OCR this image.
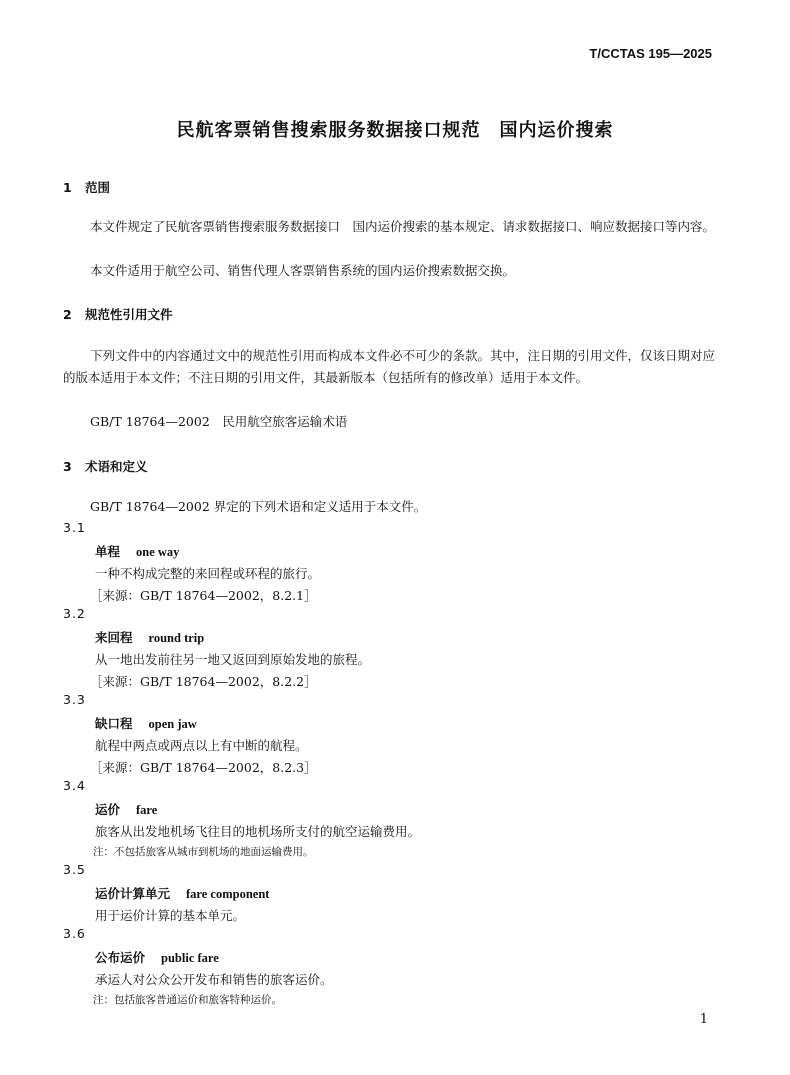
T/CCTAS 195—2025
民航客票销售搜索服务数据接口规范　国内运价搜索
1 范围
本文件规定了民航客票销售搜索服务数据接口　国内运价搜索的基本规定、请求数据接口、响应数据接口等内容。
本文件适用于航空公司、销售代理人客票销售系统的国内运价搜索数据交换。
2 规范性引用文件
下列文件中的内容通过文中的规范性引用而构成本文件必不可少的条款。其中，注日期的引用文件，仅该日期对应的版本适用于本文件；不注日期的引用文件，其最新版本（包括所有的修改单）适用于本文件。
GB/T 18764—2002　民用航空旅客运输术语
3 术语和定义
GB/T 18764—2002 界定的下列术语和定义适用于本文件。
3.1
单程 one way
一种不构成完整的来回程或环程的旅行。
［来源：GB/T 18764—2002，8.2.1］
3.2
来回程 round trip
从一地出发前往另一地又返回到原始发地的旅程。
［来源：GB/T 18764—2002，8.2.2］
3.3
缺口程 open jaw
航程中两点或两点以上有中断的航程。
［来源：GB/T 18764—2002，8.2.3］
3.4
运价 fare
旅客从出发地机场飞往目的地机场所支付的航空运输费用。
注：不包括旅客从城市到机场的地面运输费用。
3.5
运价计算单元 fare component
用于运价计算的基本单元。
3.6
公布运价 public fare
承运人对公众公开发布和销售的旅客运价。
注：包括旅客普通运价和旅客特种运价。
1
